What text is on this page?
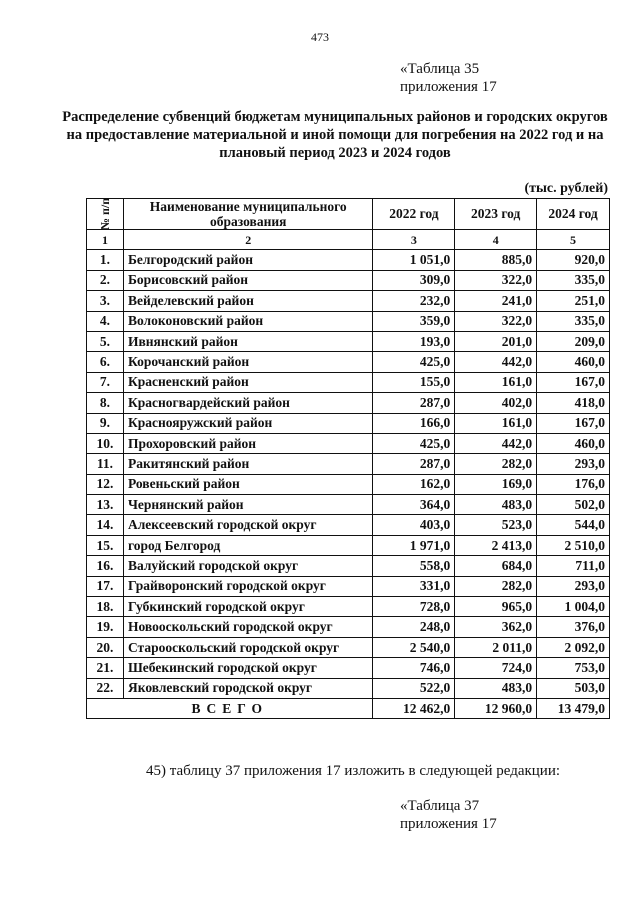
473
«Таблица 35
приложения 17
Распределение субвенций бюджетам муниципальных районов и городских округов на предоставление материальной и иной помощи для погребения на 2022 год и на плановый период 2023 и 2024 годов
(тыс. рублей)
№ п/п	Наименование муниципального образования	2022 год	2023 год	2024 год
1	2	3	4	5
1.	Белгородский район	1 051,0	885,0	920,0
2.	Борисовский район	309,0	322,0	335,0
3.	Вейделевский район	232,0	241,0	251,0
4.	Волоконовский район	359,0	322,0	335,0
5.	Ивнянский район	193,0	201,0	209,0
6.	Корочанский район	425,0	442,0	460,0
7.	Красненский район	155,0	161,0	167,0
8.	Красногвардейский район	287,0	402,0	418,0
9.	Краснояружский район	166,0	161,0	167,0
10.	Прохоровский район	425,0	442,0	460,0
11.	Ракитянский район	287,0	282,0	293,0
12.	Ровеньский район	162,0	169,0	176,0
13.	Чернянский район	364,0	483,0	502,0
14.	Алексеевский городской округ	403,0	523,0	544,0
15.	город Белгород	1 971,0	2 413,0	2 510,0
16.	Валуйский городской округ	558,0	684,0	711,0
17.	Грайворонский городской округ	331,0	282,0	293,0
18.	Губкинский городской округ	728,0	965,0	1 004,0
19.	Новооскольский городской округ	248,0	362,0	376,0
20.	Старооскольский городской округ	2 540,0	2 011,0	2 092,0
21.	Шебекинский городской округ	746,0	724,0	753,0
22.	Яковлевский городской округ	522,0	483,0	503,0
ВСЕГО		12 462,0	12 960,0	13 479,0
45) таблицу 37 приложения 17 изложить в следующей редакции:
«Таблица 37
приложения 17
